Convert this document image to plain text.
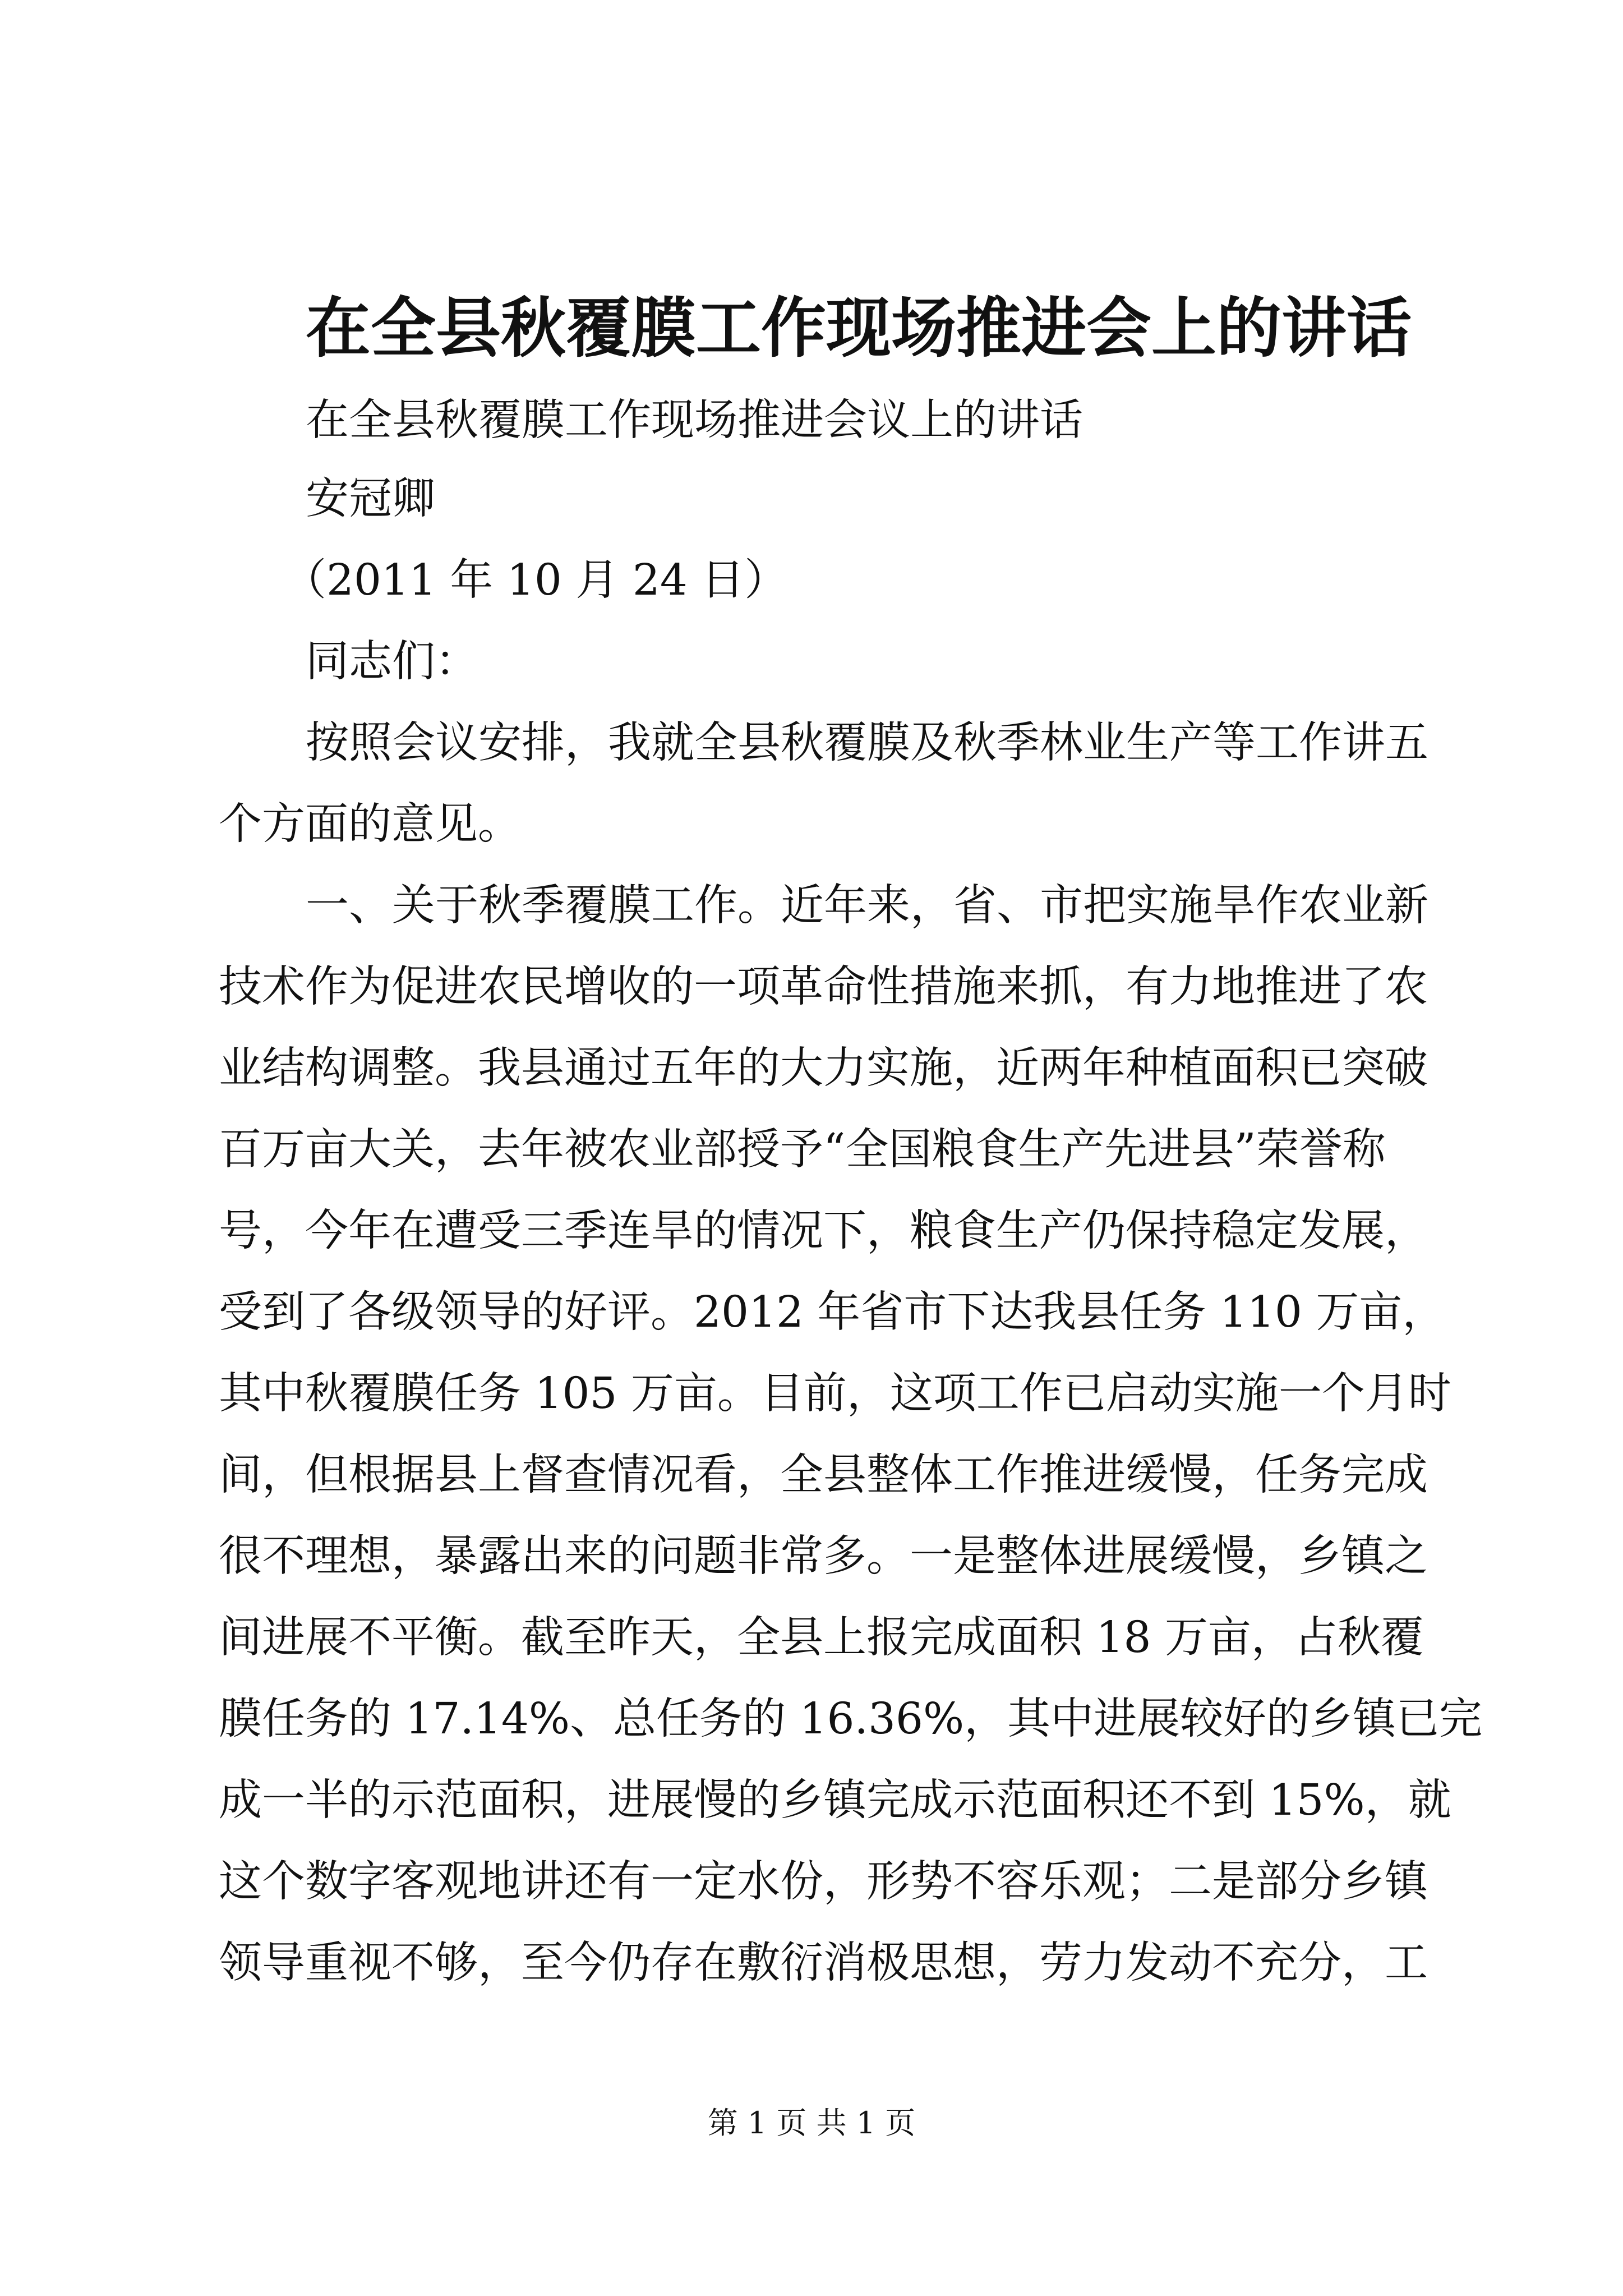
在全县秋覆膜工作现场推进会上的讲话
在全县秋覆膜工作现场推进会议上的讲话
安冠卿
（2011 年 10 月 24 日）
同志们：
按照会议安排，我就全县秋覆膜及秋季林业生产等工作讲五
个方面的意见。
一、关于秋季覆膜工作。近年来，省、市把实施旱作农业新
技术作为促进农民增收的一项革命性措施来抓，有力地推进了农
业结构调整。我县通过五年的大力实施，近两年种植面积已突破
百万亩大关，去年被农业部授予“全国粮食生产先进县”荣誉称
号，今年在遭受三季连旱的情况下，粮食生产仍保持稳定发展，
受到了各级领导的好评。2012 年省市下达我县任务 110 万亩，
其中秋覆膜任务 105 万亩。目前，这项工作已启动实施一个月时
间，但根据县上督查情况看，全县整体工作推进缓慢，任务完成
很不理想，暴露出来的问题非常多。一是整体进展缓慢，乡镇之
间进展不平衡。截至昨天，全县上报完成面积 18 万亩，占秋覆
膜任务的 17.14%、总任务的 16.36%，其中进展较好的乡镇已完
成一半的示范面积，进展慢的乡镇完成示范面积还不到 15%，就
这个数字客观地讲还有一定水份，形势不容乐观；二是部分乡镇
领导重视不够，至今仍存在敷衍消极思想，劳力发动不充分，工
第 1 页 共 1 页
